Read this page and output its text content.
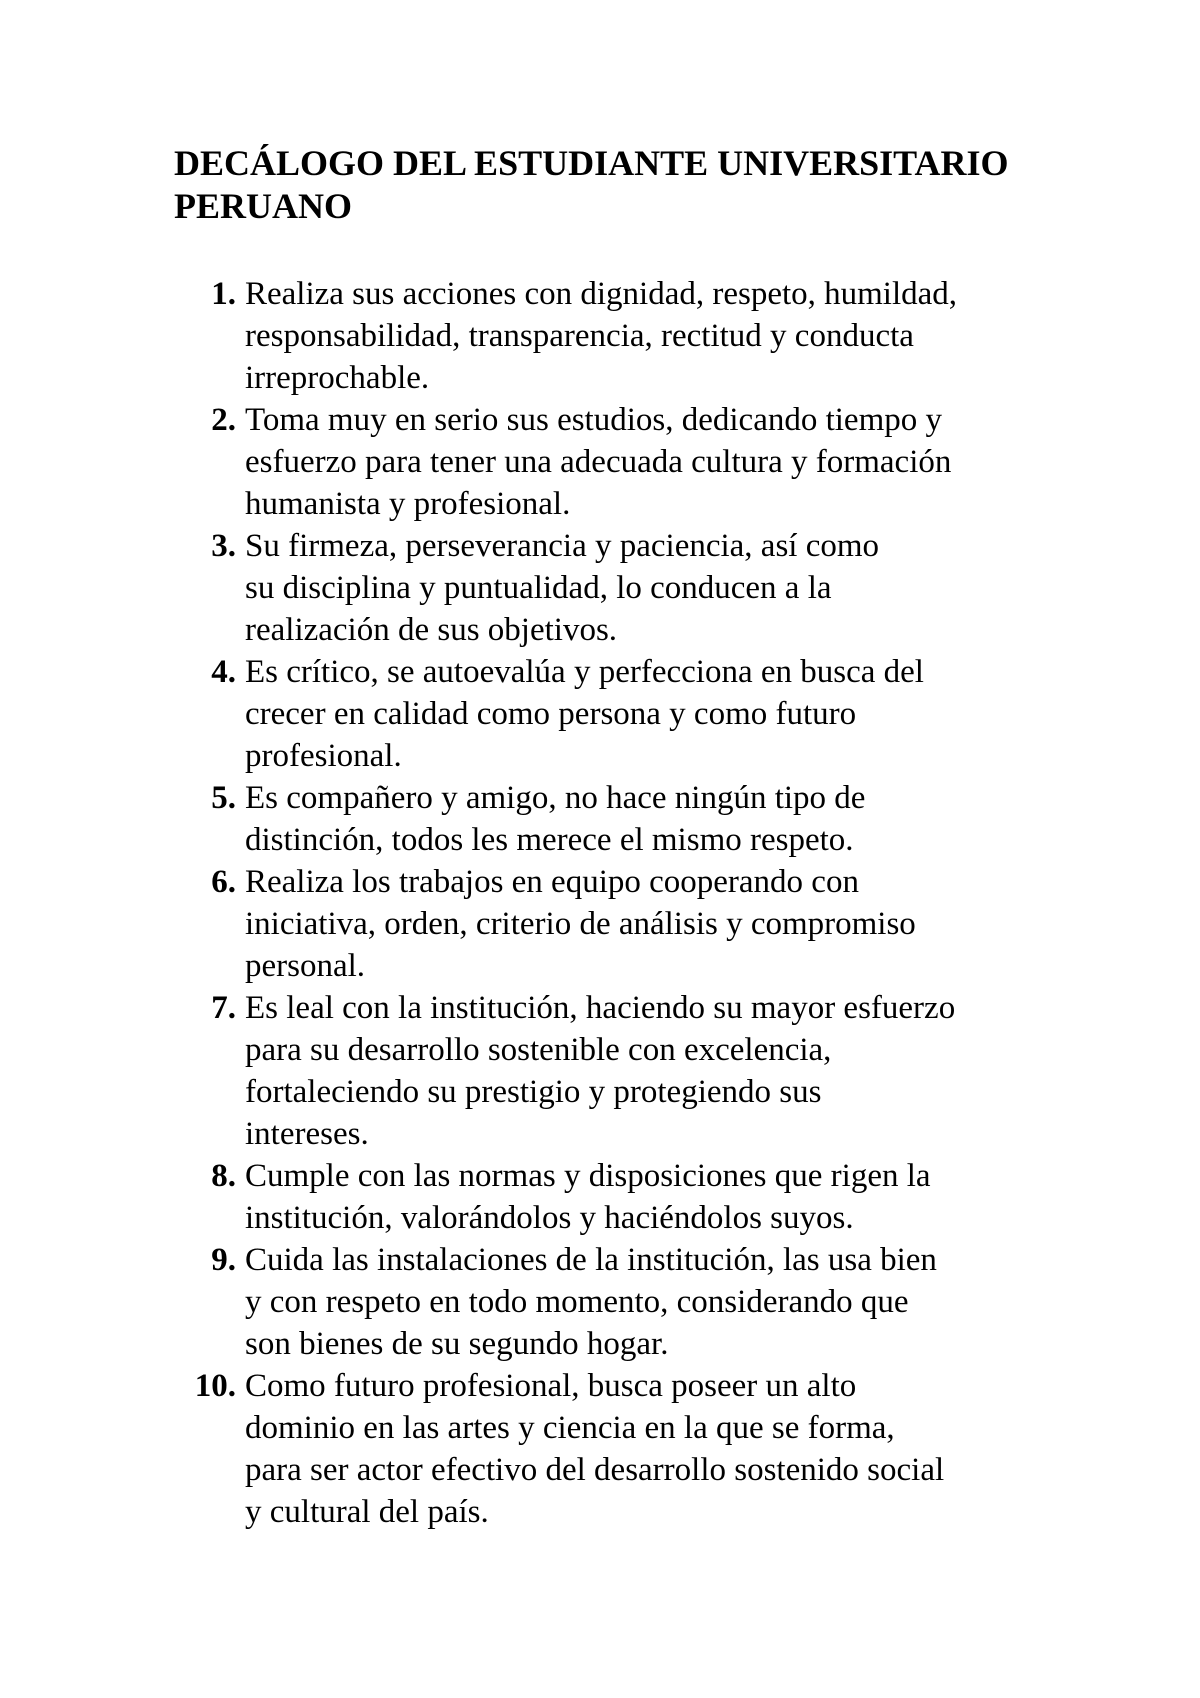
DECÁLOGO DEL ESTUDIANTE UNIVERSITARIO
PERUANO
1. Realiza sus acciones con dignidad, respeto, humildad,
responsabilidad, transparencia, rectitud y conducta
irreprochable.
2. Toma muy en serio sus estudios, dedicando tiempo y
esfuerzo para tener una adecuada cultura y formación
humanista y profesional.
3. Su firmeza, perseverancia y paciencia, así como
su disciplina y puntualidad, lo conducen a la
realización de sus objetivos.
4. Es crítico, se autoevalúa y perfecciona en busca del
crecer en calidad como persona y como futuro
profesional.
5. Es compañero y amigo, no hace ningún tipo de
distinción, todos les merece el mismo respeto.
6. Realiza los trabajos en equipo cooperando con
iniciativa, orden, criterio de análisis y compromiso
personal.
7. Es leal con la institución, haciendo su mayor esfuerzo
para su desarrollo sostenible con excelencia,
fortaleciendo su prestigio y protegiendo sus
intereses.
8. Cumple con las normas y disposiciones que rigen la
institución, valorándolos y haciéndolos suyos.
9. Cuida las instalaciones de la institución, las usa bien
y con respeto en todo momento, considerando que
son bienes de su segundo hogar.
10. Como futuro profesional, busca poseer un alto
dominio en las artes y ciencia en la que se forma,
para ser actor efectivo del desarrollo sostenido social
y cultural del país.
